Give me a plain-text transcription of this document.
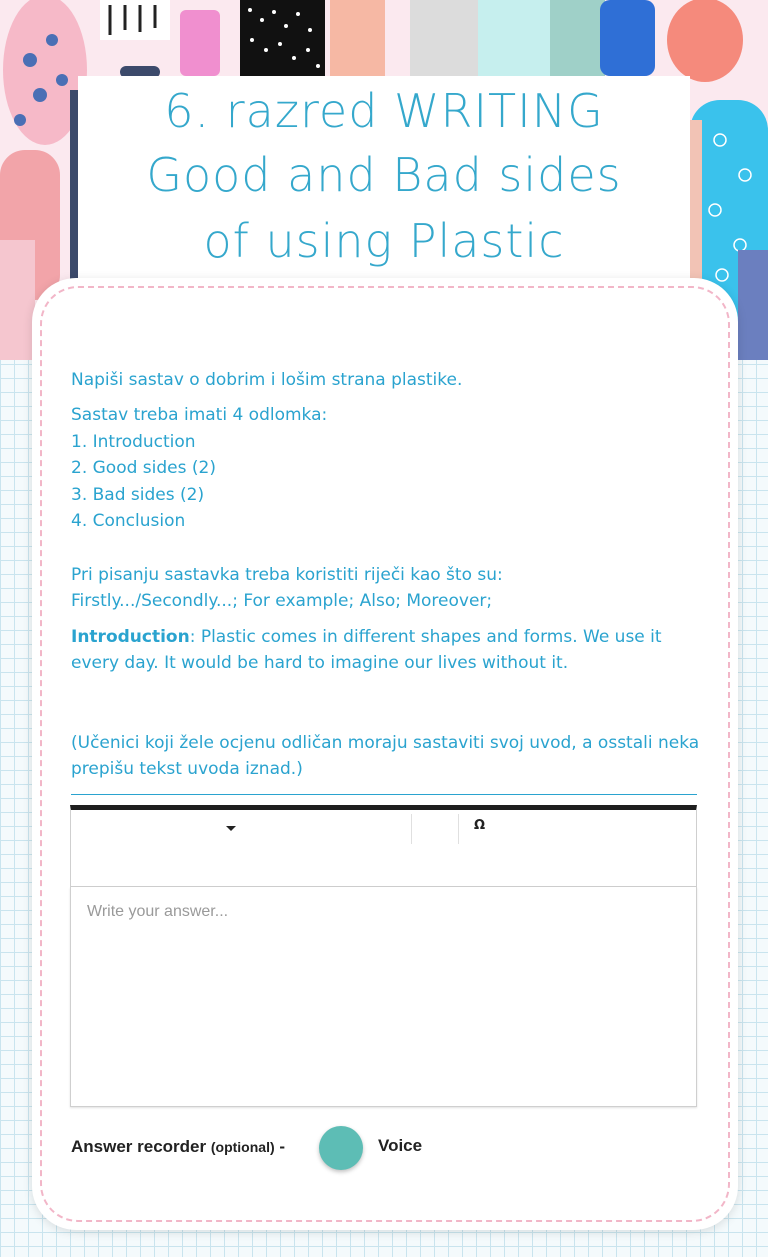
6. razred WRITING
Good and Bad sides
of using Plastic
Napiši sastav o dobrim i lošim strana plastike.
Sastav treba imati 4 odlomka:
1. Introduction
2. Good sides (2)
3. Bad sides (2)
4. Conclusion
Pri pisanju sastavka treba koristiti riječi kao što su:
Firstly.../Secondly...; For example; Also; Moreover;
Introduction: Plastic comes in different shapes and forms. We use it every day. It would be hard to imagine our lives without it.
(Učenici koji žele ocjenu odličan moraju sastaviti svoj uvod, a osstali neka prepišu tekst uvoda iznad.)
Ω
Write your answer...
Answer recorder (optional) -	Voice
